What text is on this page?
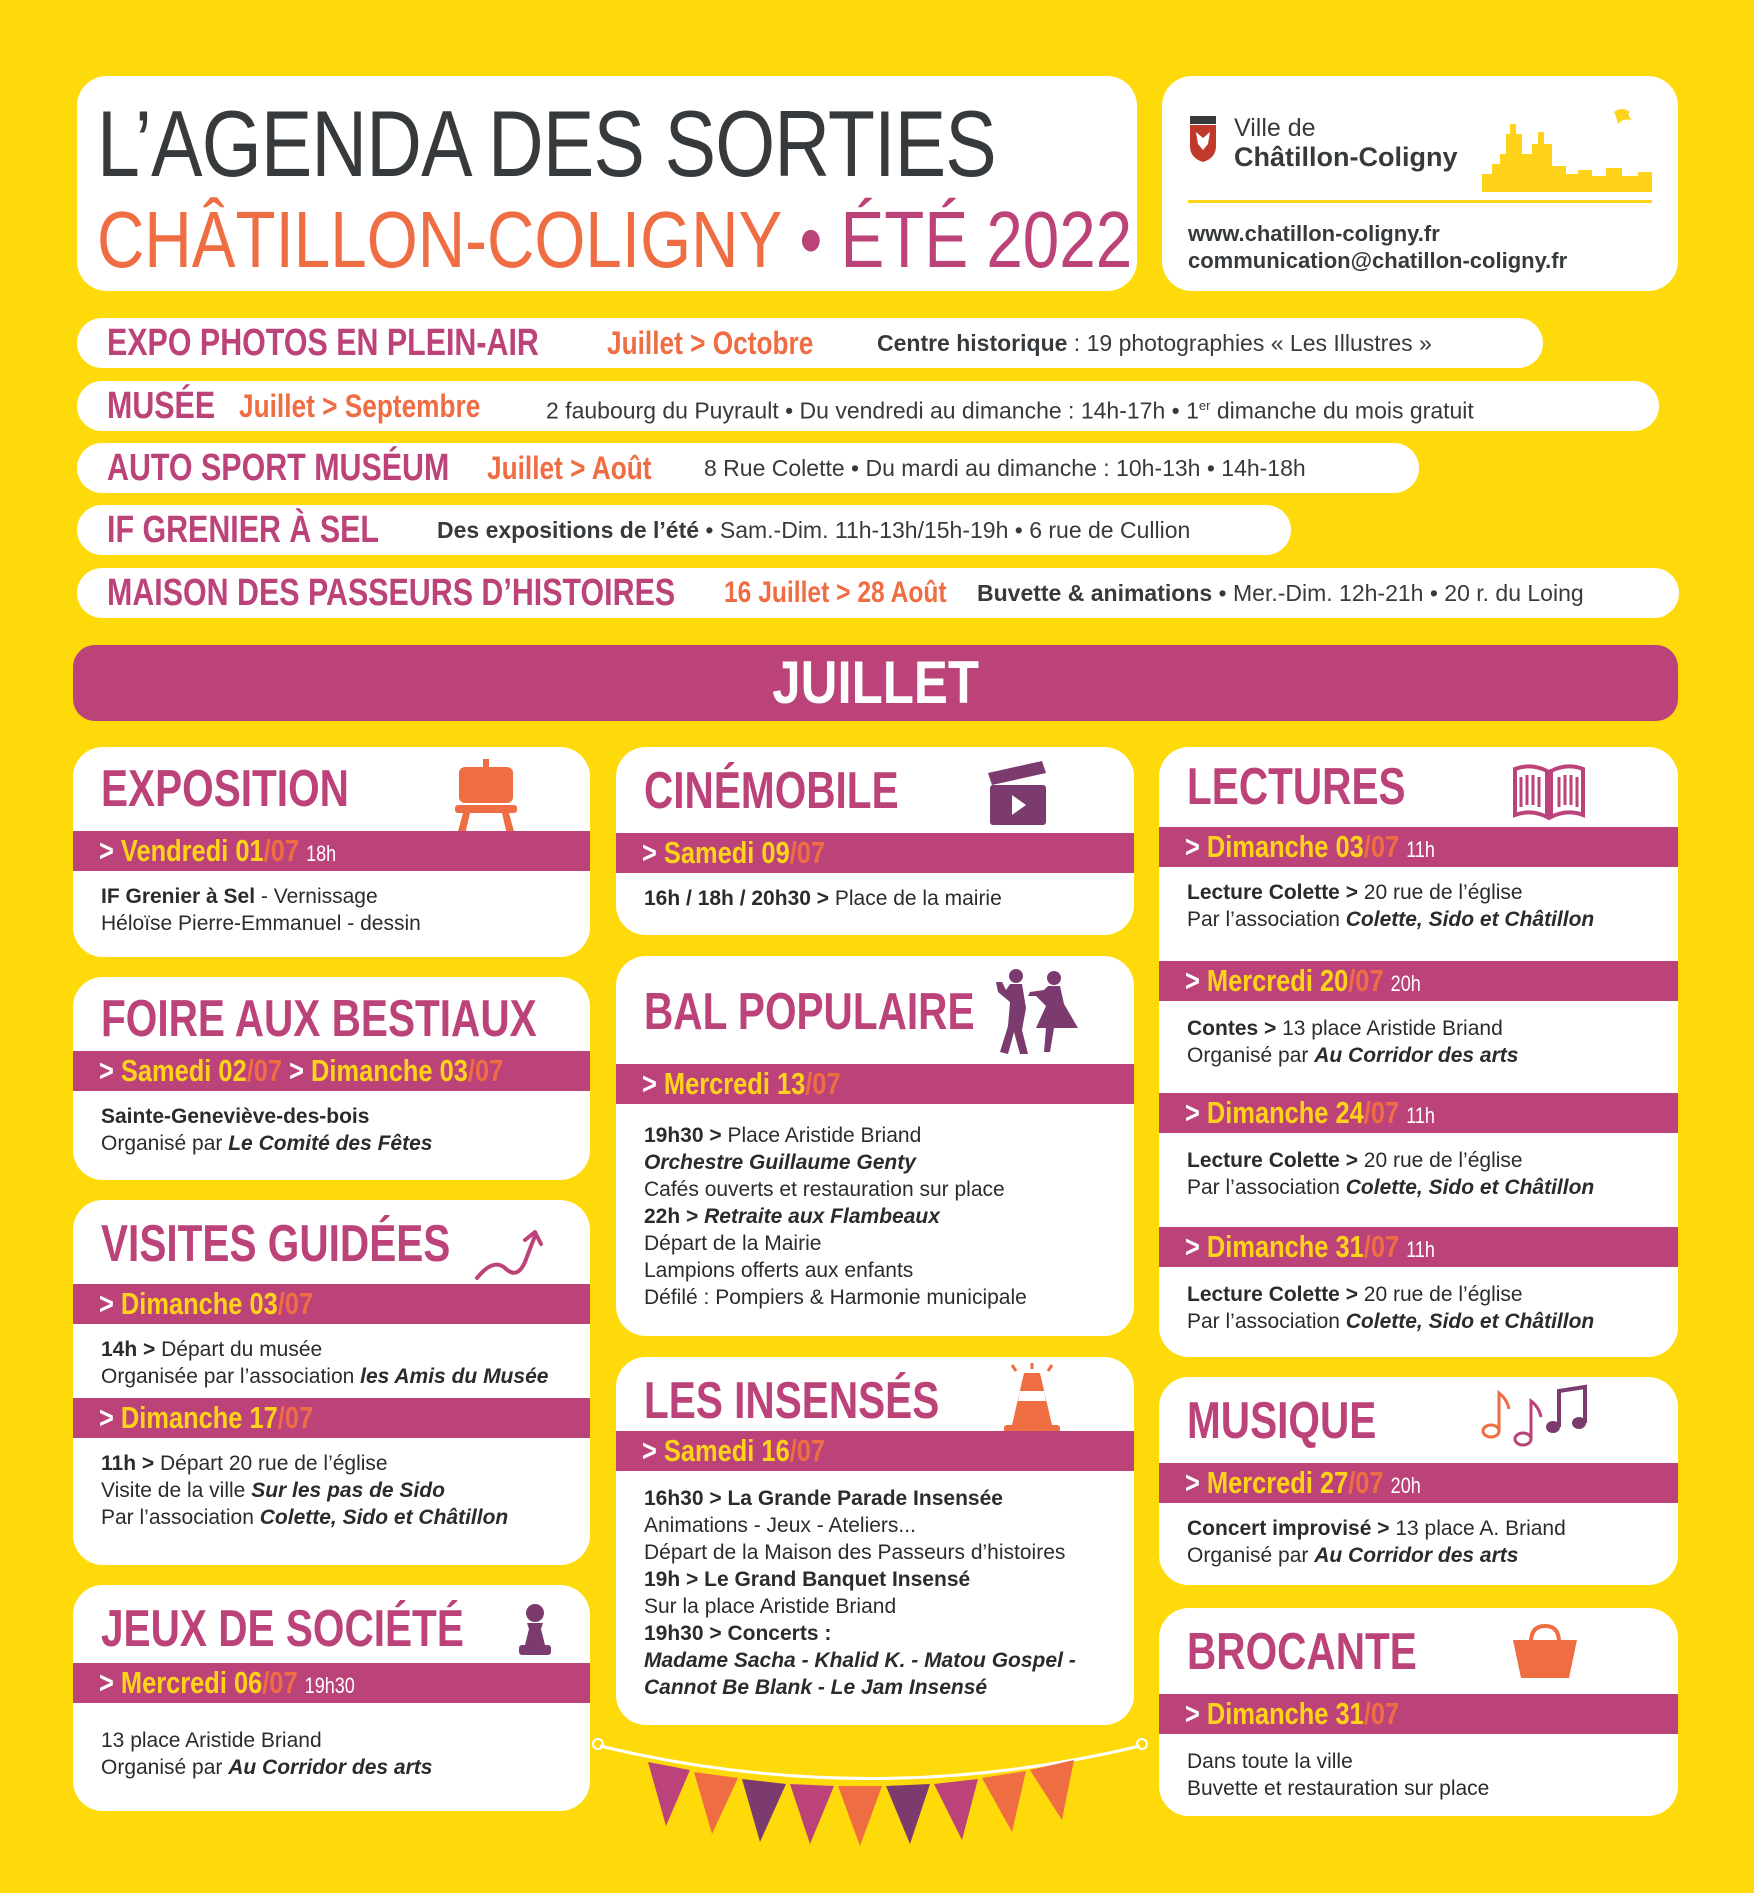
L’AGENDA DES SORTIES
CHÂTILLON-COLIGNY • ÉTÉ 2022
Ville de
Châtillon-Coligny
www.chatillon-coligny.fr
communication@chatillon-coligny.fr
EXPO PHOTOS EN PLEIN-AIR Juillet > Octobre	Centre historique : 19 photographies « Les Illustres »
MUSÉE Juillet > Septembre	2 faubourg du Puyrault • Du vendredi au dimanche : 14h-17h • 1er dimanche du mois gratuit
AUTO SPORT MUSÉUM Juillet > Août 8 Rue Colette • Du mardi au dimanche : 10h-13h • 14h-18h
IF GRENIER À SEL	Des expositions de l’été • Sam.-Dim. 11h-13h/15h-19h • 6 rue de Cullion
MAISON DES PASSEURS D’HISTOIRES 16 Juillet > 28 Août Buvette & animations • Mer.-Dim. 12h-21h • 20 r. du Loing
JUILLET
EXPOSITION
> Vendredi 01/07 18h
IF Grenier à Sel - Vernissage
Héloïse Pierre-Emmanuel - dessin
FOIRE AUX BESTIAUX
> Samedi 02/07 > Dimanche 03/07
Sainte-Geneviève-des-bois
Organisé par Le Comité des Fêtes
VISITES GUIDÉES
> Dimanche 03/07
14h > Départ du musée
Organisée par l’association les Amis du Musée
> Dimanche 17/07
11h > Départ 20 rue de l’église
Visite de la ville Sur les pas de Sido
Par l’association Colette, Sido et Châtillon
JEUX DE SOCIÉTÉ
> Mercredi 06/07 19h30
13 place Aristide Briand
Organisé par Au Corridor des arts
CINÉMOBILE
> Samedi 09/07
16h / 18h / 20h30 > Place de la mairie
BAL POPULAIRE
> Mercredi 13/07
19h30 > Place Aristide Briand
Orchestre Guillaume Genty
Cafés ouverts et restauration sur place
22h > Retraite aux Flambeaux
Départ de la Mairie
Lampions offerts aux enfants
Défilé : Pompiers & Harmonie municipale
LES INSENSÉS
> Samedi 16/07
16h30 > La Grande Parade Insensée
Animations - Jeux - Ateliers...
Départ de la Maison des Passeurs d’histoires
19h > Le Grand Banquet Insensé
Sur la place Aristide Briand
19h30 > Concerts :
Madame Sacha - Khalid K. - Matou Gospel -
Cannot Be Blank - Le Jam Insensé
LECTURES
> Dimanche 03/07 11h
Lecture Colette > 20 rue de l’église
Par l’association Colette, Sido et Châtillon
> Mercredi 20/07 20h
Contes > 13 place Aristide Briand
Organisé par Au Corridor des arts
> Dimanche 24/07 11h
Lecture Colette > 20 rue de l’église
Par l’association Colette, Sido et Châtillon
> Dimanche 31/07 11h
Lecture Colette > 20 rue de l’église
Par l’association Colette, Sido et Châtillon
MUSIQUE
> Mercredi 27/07 20h
Concert improvisé > 13 place A. Briand
Organisé par Au Corridor des arts
BROCANTE
> Dimanche 31/07
Dans toute la ville
Buvette et restauration sur place
